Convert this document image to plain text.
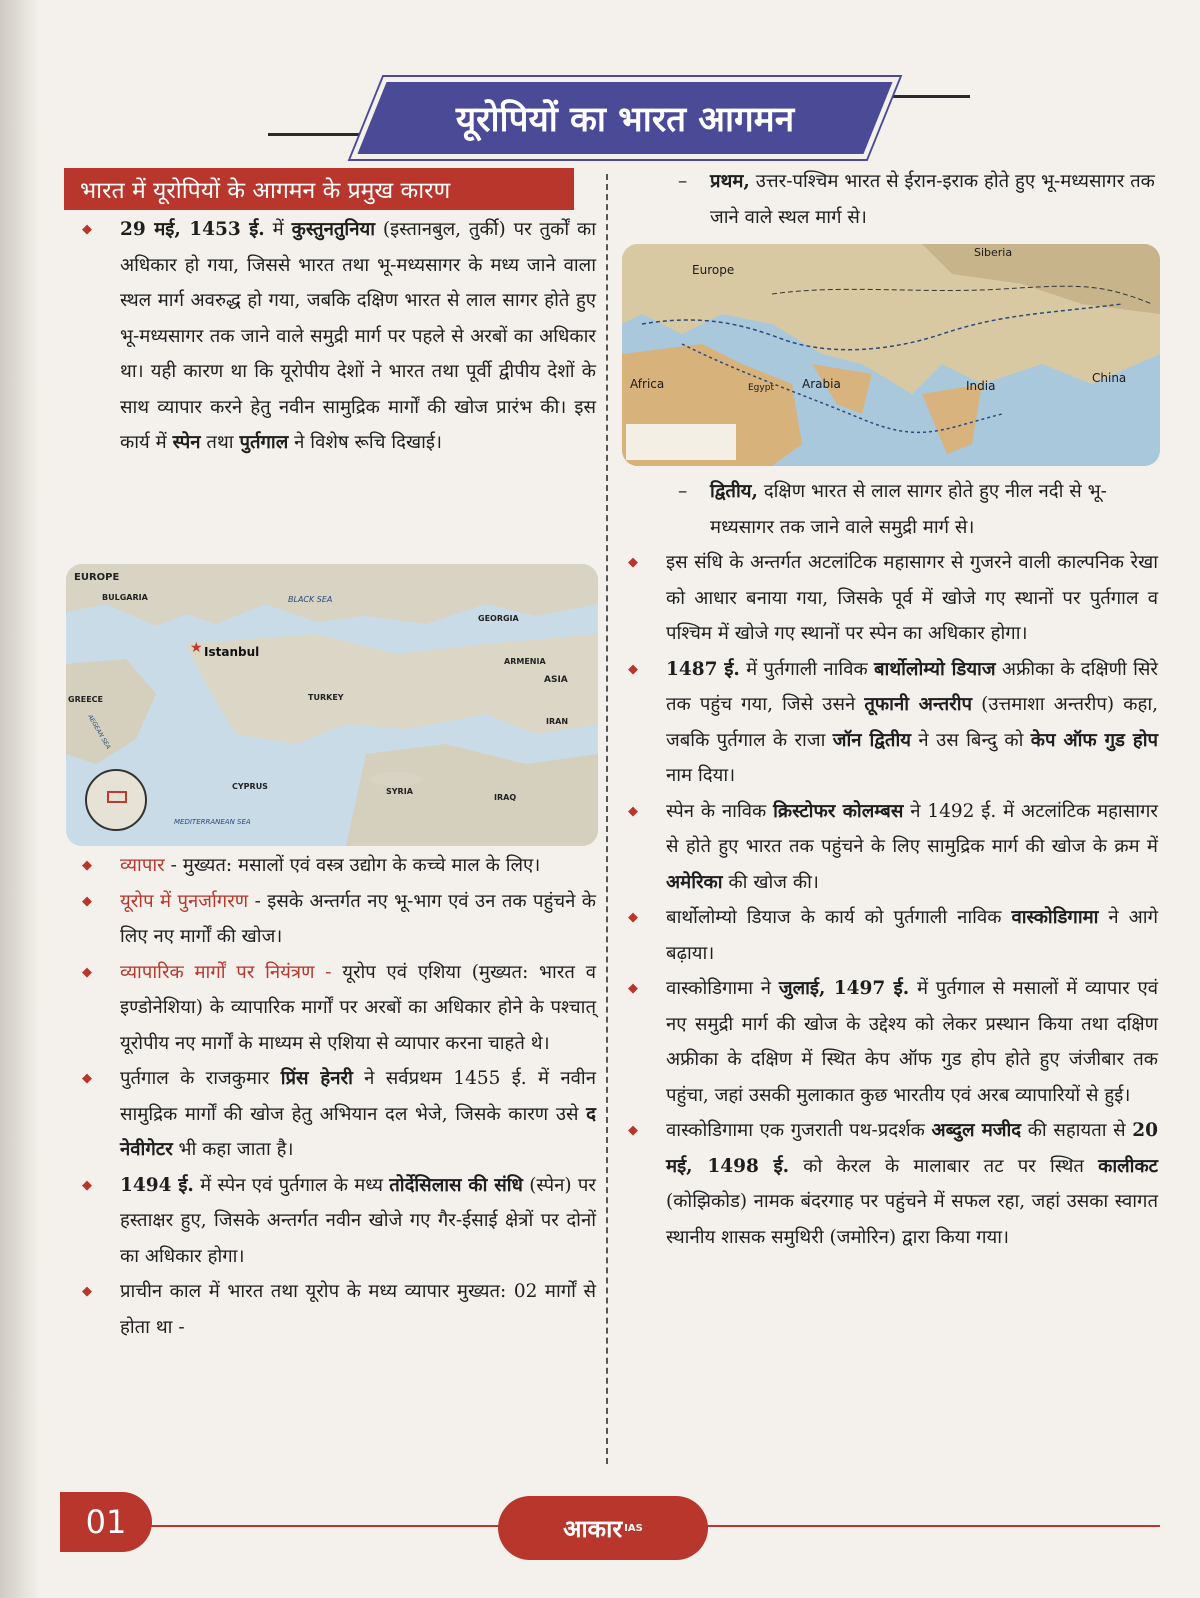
यूरोपियों का भारत आगमन
भारत में यूरोपियों के आगमन के प्रमुख कारण

◆ 29 मई, 1453 ई. में कुस्तुनतुनिया (इस्तानबुल, तुर्की) पर तुर्कों का अधिकार हो गया, जिससे भारत तथा भू-मध्यसागर के मध्य जाने वाला स्थल मार्ग अवरुद्ध हो गया, जबकि दक्षिण भारत से लाल सागर होते हुए भू-मध्यसागर तक जाने वाले समुद्री मार्ग पर पहले से अरबों का अधिकार था। यही कारण था कि यूरोपीय देशों ने भारत तथा पूर्वी द्वीपीय देशों के साथ व्यापार करने हेतु नवीन सामुद्रिक मार्गों की खोज प्रारंभ की। इस कार्य में स्पेन तथा पुर्तगाल ने विशेष रूचि दिखाई।

EUROPE
BULGARIA	BLACK SEA
GEORGIA
★ Istanbul
ARMENIA
ASIA
GREECE
AEGEAN SEA
TURKEY
IRAN
CYPRUS
SYRIA
IRAQ
MEDITERRANEAN SEA

◆ व्यापार - मुख्यत: मसालों एवं वस्त्र उद्योग के कच्चे माल के लिए।

◆ यूरोप में पुनर्जागरण - इसके अन्तर्गत नए भू-भाग एवं उन तक पहुंचने के लिए नए मार्गों की खोज।

◆ व्यापारिक मार्गों पर नियंत्रण - यूरोप एवं एशिया (मुख्यत: भारत व इण्डोनेशिया) के व्यापारिक मार्गों पर अरबों का अधिकार होने के पश्चात् यूरोपीय नए मार्गों के माध्यम से एशिया से व्यापार करना चाहते थे।

◆ पुर्तगाल के राजकुमार प्रिंस हेनरी ने सर्वप्रथम 1455 ई. में नवीन सामुद्रिक मार्गों की खोज हेतु अभियान दल भेजे, जिसके कारण उसे द नेवीगेटर भी कहा जाता है।

◆ 1494 ई. में स्पेन एवं पुर्तगाल के मध्य तोर्देसिलास की संधि (स्पेन) पर हस्ताक्षर हुए, जिसके अन्तर्गत नवीन खोजे गए गैर-ईसाई क्षेत्रों पर दोनों का अधिकार होगा।

◆ प्राचीन काल में भारत तथा यूरोप के मध्य व्यापार मुख्यत: 02 मार्गों से होता था -

– प्रथम, उत्तर-पश्चिम भारत से ईरान-इराक होते हुए भू-मध्यसागर तक जाने वाले स्थल मार्ग से।

Europe
Siberia
Africa	Egypt Arabia	India
China

– द्वितीय, दक्षिण भारत से लाल सागर होते हुए नील नदी से भू-मध्यसागर तक जाने वाले समुद्री मार्ग से।

◆ इस संधि के अन्तर्गत अटलांटिक महासागर से गुजरने वाली काल्पनिक रेखा को आधार बनाया गया, जिसके पूर्व में खोजे गए स्थानों पर पुर्तगाल व पश्चिम में खोजे गए स्थानों पर स्पेन का अधिकार होगा।

◆ 1487 ई. में पुर्तगाली नाविक बार्थोलोम्यो डियाज अफ्रीका के दक्षिणी सिरे तक पहुंच गया, जिसे उसने तूफानी अन्तरीप (उत्तमाशा अन्तरीप) कहा, जबकि पुर्तगाल के राजा जॉन द्वितीय ने उस बिन्दु को केप ऑफ गुड होप नाम दिया।

◆ स्पेन के नाविक क्रिस्टोफर कोलम्बस ने 1492 ई. में अटलांटिक महासागर से होते हुए भारत तक पहुंचने के लिए सामुद्रिक मार्ग की खोज के क्रम में अमेरिका की खोज की।

◆ बार्थोलोम्यो डियाज के कार्य को पुर्तगाली नाविक वास्कोडिगामा ने आगे बढ़ाया।

◆ वास्कोडिगामा ने जुलाई, 1497 ई. में पुर्तगाल से मसालों में व्यापार एवं नए समुद्री मार्ग की खोज के उद्देश्य को लेकर प्रस्थान किया तथा दक्षिण अफ्रीका के दक्षिण में स्थित केप ऑफ गुड होप होते हुए जंजीबार तक पहुंचा, जहां उसकी मुलाकात कुछ भारतीय एवं अरब व्यापारियों से हुई।

◆ वास्कोडिगामा एक गुजराती पथ-प्रदर्शक अब्दुल मजीद की सहायता से 20 मई, 1498 ई. को केरल के मालाबार तट पर स्थित कालीकट (कोझिकोड) नामक बंदरगाह पर पहुंचने में सफल रहा, जहां उसका स्वागत स्थानीय शासक समुथिरी (जमोरिन) द्वारा किया गया।

01	आकार IAS
